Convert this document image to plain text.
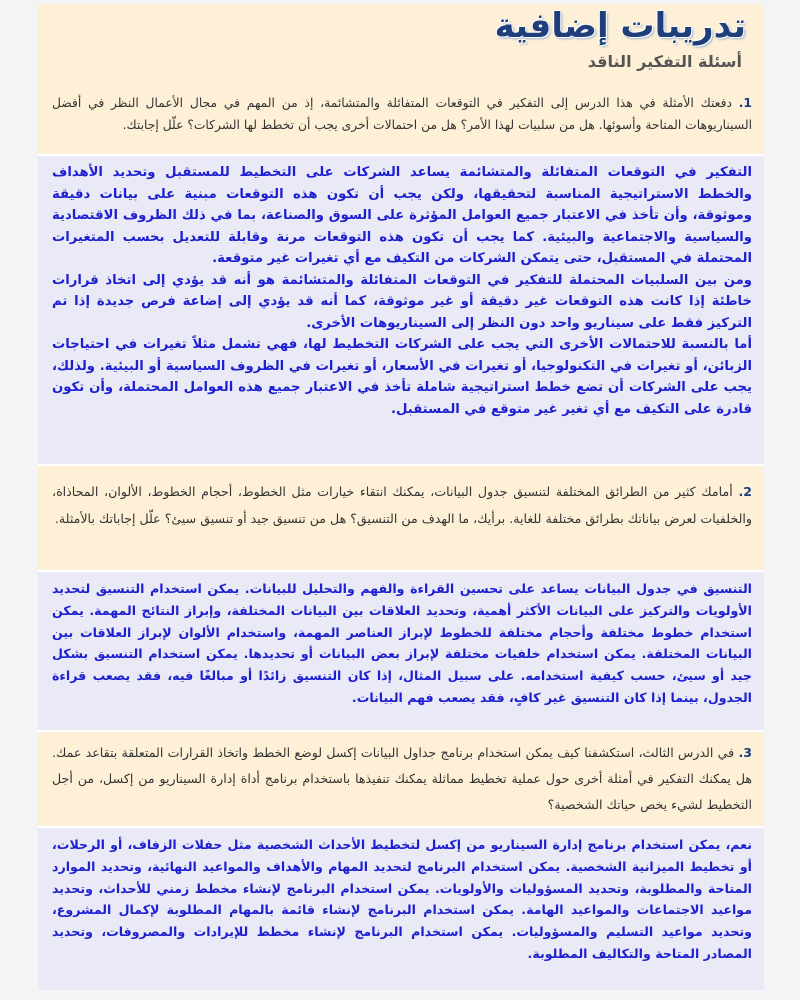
تدريبات إضافية
أسئلة التفكير الناقد
1. دفعتك الأمثلة في هذا الدرس إلى التفكير في التوقعات المتفائلة والمتشائمة، إذ من المهم في مجال الأعمال النظر في أفضل السيناريوهات المتاحة وأسوئها. هل من سلبيات لهذا الأمر؟ هل من احتمالات أخرى يجب أن تخطط لها الشركات؟ علّل إجابتك.
التفكير في التوقعات المتفائلة والمتشائمة يساعد الشركات على التخطيط للمستقبل وتحديد الأهداف والخطط الاستراتيجية المناسبة لتحقيقها، ولكن يجب أن تكون هذه التوقعات مبنية على بيانات دقيقة وموثوقة، وأن تأخذ في الاعتبار جميع العوامل المؤثرة على السوق والصناعة، بما في ذلك الظروف الاقتصادية والسياسية والاجتماعية والبيئية. كما يجب أن تكون هذه التوقعات مرنة وقابلة للتعديل بحسب المتغيرات المحتملة في المستقبل، حتى يتمكن الشركات من التكيف مع أي تغيرات غير متوقعة.
ومن بين السلبيات المحتملة للتفكير في التوقعات المتفائلة والمتشائمة هو أنه قد يؤدي إلى اتخاذ قرارات خاطئة إذا كانت هذه التوقعات غير دقيقة أو غير موثوقة، كما أنه قد يؤدي إلى إضاعة فرص جديدة إذا تم التركيز فقط على سيناريو واحد دون النظر إلى السيناريوهات الأخرى.
أما بالنسبة للاحتمالات الأخرى التي يجب على الشركات التخطيط لها، فهي تشمل مثلاً تغيرات في احتياجات الزبائن، أو تغيرات في التكنولوجيا، أو تغيرات في الأسعار، أو تغيرات في الظروف السياسية أو البيئية. ولذلك، يجب على الشركات أن تضع خطط استراتيجية شاملة تأخذ في الاعتبار جميع هذه العوامل المحتملة، وأن تكون قادرة على التكيف مع أي تغير غير متوقع في المستقبل.
2. أمامك كثير من الطرائق المختلفة لتنسيق جدول البيانات، يمكنك انتقاء خيارات مثل الخطوط، أحجام الخطوط، الألوان، المحاذاة، والخلفيات لعرض بياناتك بطرائق مختلفة للغاية. برأيك، ما الهدف من التنسيق؟ هل من تنسيق جيد أو تنسيق سيئ؟ علّل إجاباتك بالأمثلة.
التنسيق في جدول البيانات يساعد على تحسين القراءة والفهم والتحليل للبيانات. يمكن استخدام التنسيق لتحديد الأولويات والتركيز على البيانات الأكثر أهمية، وتحديد العلاقات بين البيانات المختلفة، وإبراز النتائج المهمة. يمكن استخدام خطوط مختلفة وأحجام مختلفة للخطوط لإبراز العناصر المهمة، واستخدام الألوان لإبراز العلاقات بين البيانات المختلفة. يمكن استخدام خلفيات مختلفة لإبراز بعض البيانات أو تحديدها. يمكن استخدام التنسيق بشكل جيد أو سيئ، حسب كيفية استخدامه. على سبيل المثال، إذا كان التنسيق زائدًا أو مبالغًا فيه، فقد يصعب قراءة الجدول، بينما إذا كان التنسيق غير كافٍ، فقد يصعب فهم البيانات.
3. في الدرس الثالث، استكشفنا كيف يمكن استخدام برنامج جداول البيانات إكسل لوضع الخطط واتخاذ القرارات المتعلقة بتقاعد عمك. هل يمكنك التفكير في أمثلة أخرى حول عملية تخطيط مماثلة يمكنك تنفيذها باستخدام برنامج أداة إدارة السيناريو من إكسل، من أجل التخطيط لشيء يخص حياتك الشخصية؟
نعم، يمكن استخدام برنامج إدارة السيناريو من إكسل لتخطيط الأحداث الشخصية مثل حفلات الزفاف، أو الرحلات، أو تخطيط الميزانية الشخصية. يمكن استخدام البرنامج لتحديد المهام والأهداف والمواعيد النهائية، وتحديد الموارد المتاحة والمطلوبة، وتحديد المسؤوليات والأولويات. يمكن استخدام البرنامج لإنشاء مخطط زمني للأحداث، وتحديد مواعيد الاجتماعات والمواعيد الهامة. يمكن استخدام البرنامج لإنشاء قائمة بالمهام المطلوبة لإكمال المشروع، وتحديد مواعيد التسليم والمسؤوليات. يمكن استخدام البرنامج لإنشاء مخطط للإيرادات والمصروفات، وتحديد المصادر المتاحة والتكاليف المطلوبة.
